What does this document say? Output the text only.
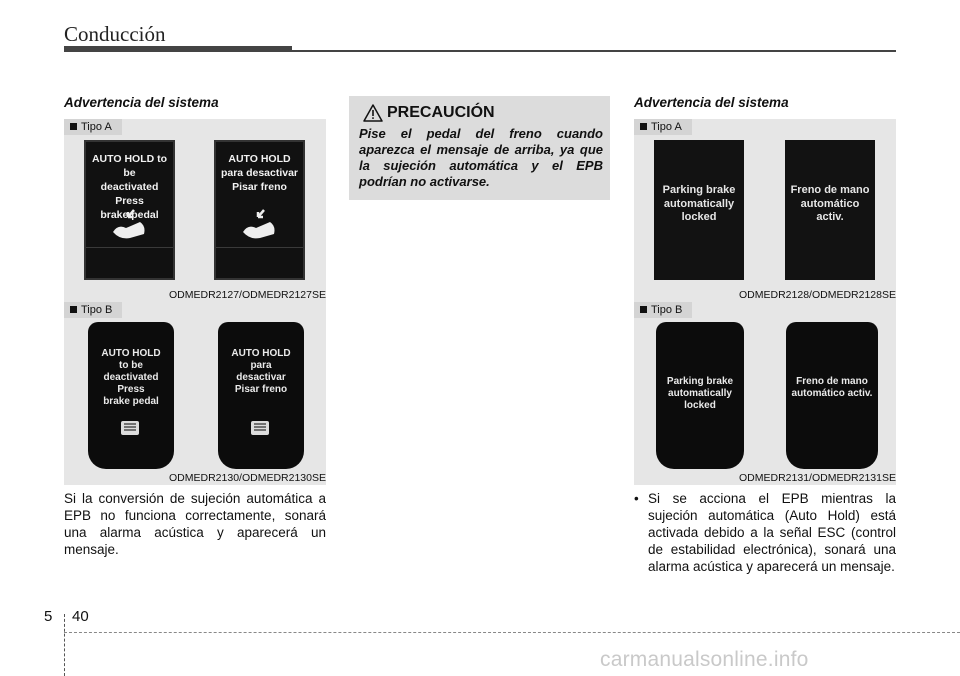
Conducción
Advertencia del sistema
Tipo A
AUTO HOLD to be
deactivated
Press
brake pedal
AUTO HOLD
para desactivar
Pisar freno
ODMEDR2127/ODMEDR2127SE
Tipo B
AUTO HOLD
to be deactivated
Press
brake pedal
AUTO HOLD
para
desactivar
Pisar freno
ODMEDR2130/ODMEDR2130SE
Si la conversión de sujeción automática a EPB no funciona correctamente, sonará una alarma acústica y aparecerá un mensaje.
PRECAUCIÓN
Pise el pedal del freno cuando aparezca el mensaje de arriba, ya que la sujeción automática y el EPB podrían no activarse.
Advertencia del sistema
Tipo A
Parking brake
automatically
locked
Freno de mano
automático
activ.
ODMEDR2128/ODMEDR2128SE
Tipo B
Parking brake
automatically
locked
Freno de mano
automático activ.
ODMEDR2131/ODMEDR2131SE
• Si se acciona el EPB mientras la sujeción automática (Auto Hold) está activada debido a la señal ESC (control de estabilidad electrónica), sonará una alarma acústica y aparecerá un mensaje.
5 40
carmanualsonline.info
